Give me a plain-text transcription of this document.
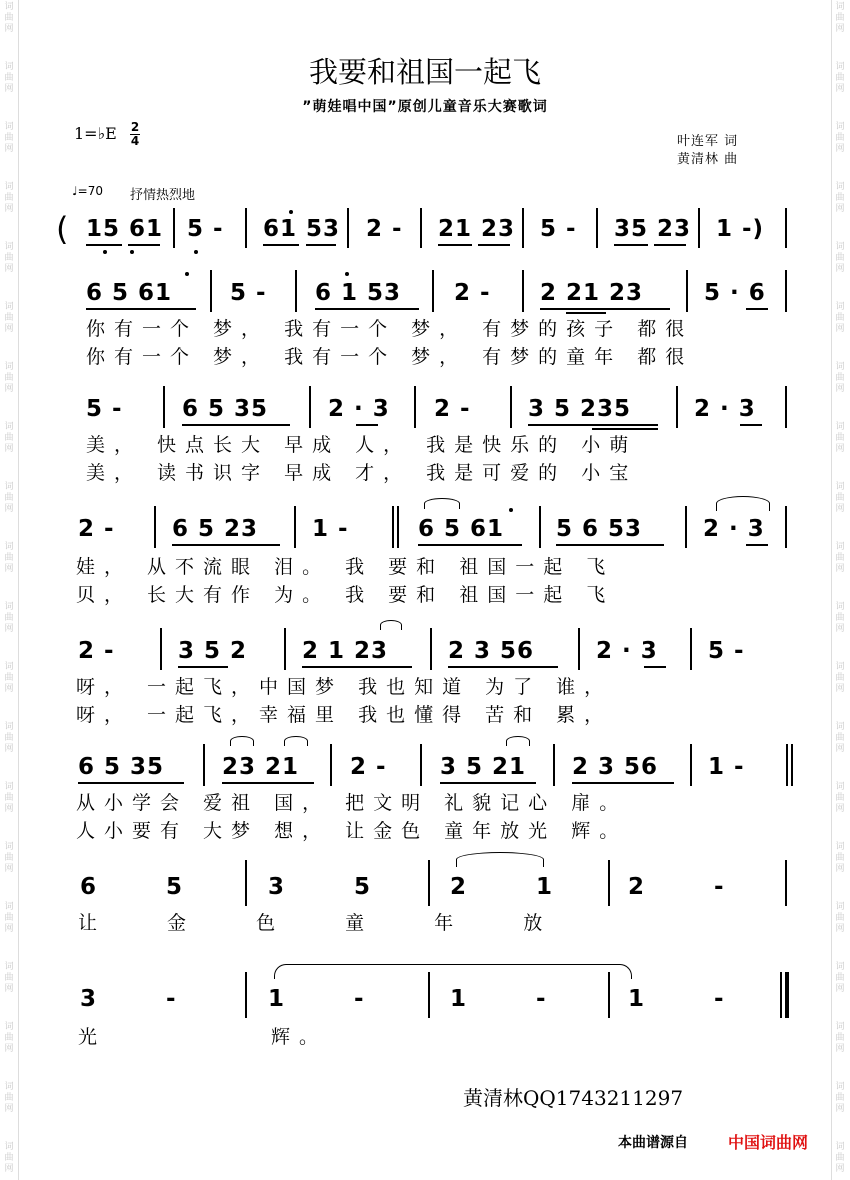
词
曲
网
词
曲
网
词
曲
网
词
曲
网
词
曲
网
词
曲
网
词
曲
网
词
曲
网
词
曲
网
词
曲
网
词
曲
网
词
曲
网
词
曲
网
词
曲
网
词
曲
网
词
曲
网
词
曲
网
词
曲
网
词
曲
网
词
曲
网
词
曲
网
词
曲
网
词
曲
网
词
曲
网
词
曲
网
词
曲
网
词
曲
网
词
曲
网
词
曲
网
词
曲
网
词
曲
网
词
曲
网
词
曲
网
词
曲
网
词
曲
网
词
曲
网
词
曲
网
词
曲
网
词
曲
网
词
曲
网
我要和祖国一起飞
”萌娃唱中国”原创儿童音乐大赛歌词
1=♭E 2
4	叶连军 词
黄清林 曲
♩=70 抒情热烈地
( 15 61 5 - 61 53 2 - 21 23 5 - 35 23 1 -)
6 5 61	5 - 6 1 53 2 - 2 21 23	5 · 6
你有一个 梦， 我有一个 梦， 有梦的孩子 都很
你有一个 梦， 我有一个 梦， 有梦的童年 都很
5 -	6 5 35	2 · 3 2 - 3 5 235	2 · 3
美， 快点长大 早成 人， 我是快乐的 小萌
美， 读书识字 早成 才， 我是可爱的 小宝
2 - 6 5 23 1 -	6 5 61 5 6 53	2 · 3
娃， 从不流眼 泪。 我 要和 祖国一起 飞
贝， 长大有作 为。 我 要和 祖国一起 飞
2 -	3 5 2 2 1 23	2 3 56	2 · 3 5 -
呀， 一起飞，中国梦 我也知道 为了 谁，
呀， 一起飞，幸福里 我也懂得 苦和 累，
6 5 35	23 21 2 - 3 5 21 2 3 56 1 -
从小学会 爱祖 国， 把文明 礼貌记心 扉。
人小要有 大梦 想， 让金色 童年放光 辉。
6 5	3 5	2 1	2 -
让 金 色 童 年 放
3 -	1 -	1 -	1 -
光 辉。
黄清林QQ1743211297
本曲谱源自	中国词曲网
